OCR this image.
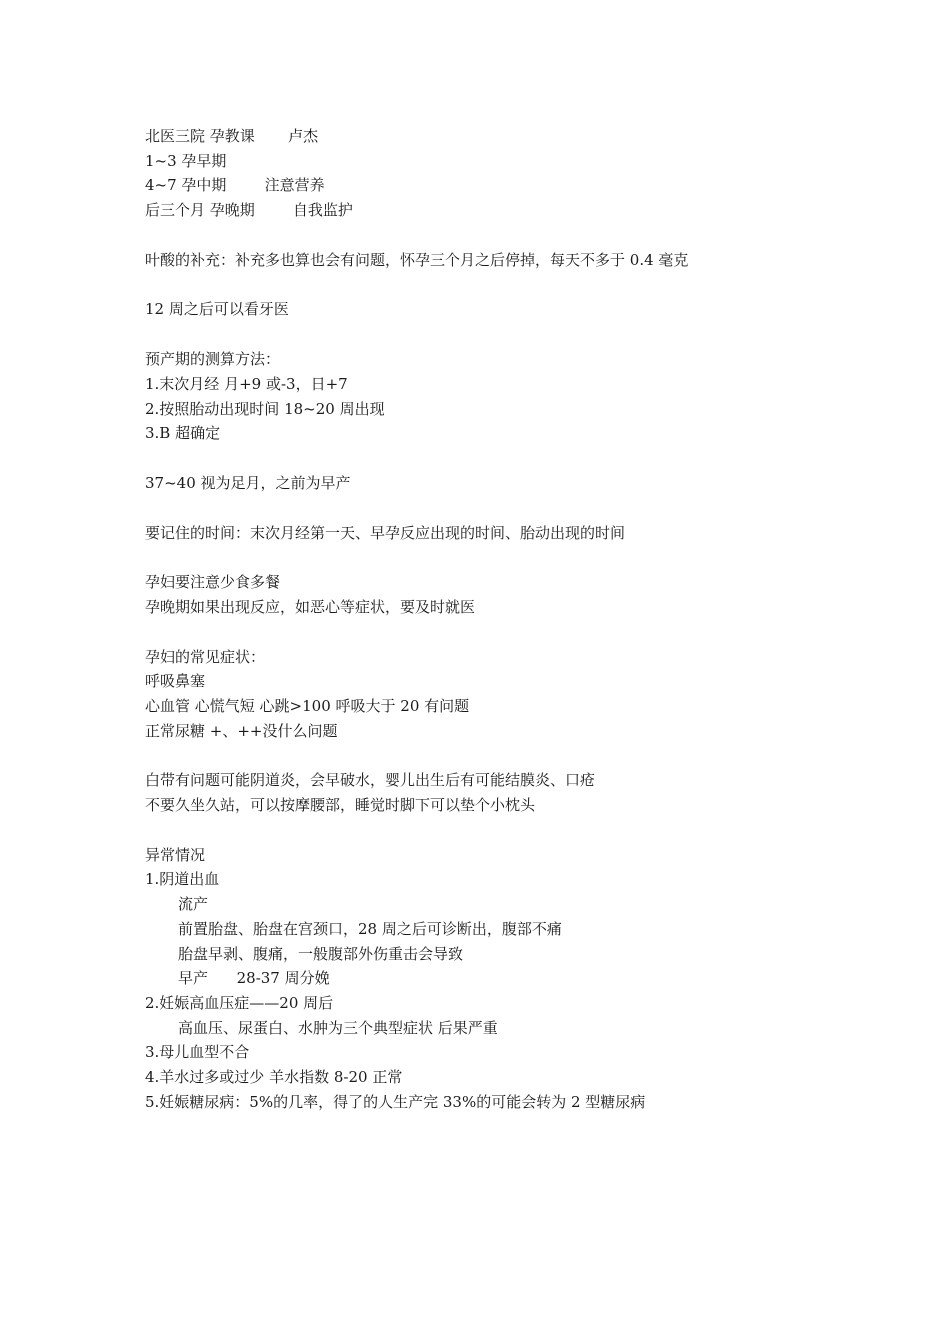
北医三院 孕教课       卢杰
1~3 孕早期
4~7 孕中期        注意营养
后三个月 孕晚期        自我监护
叶酸的补充：补充多也算也会有问题，怀孕三个月之后停掉，每天不多于 0.4 毫克
12 周之后可以看牙医
预产期的测算方法：
1.末次月经 月+9 或-3，日+7
2.按照胎动出现时间 18~20 周出现
3.B 超确定
37~40 视为足月，之前为早产
要记住的时间：末次月经第一天、早孕反应出现的时间、胎动出现的时间
孕妇要注意少食多餐
孕晚期如果出现反应，如恶心等症状，要及时就医
孕妇的常见症状：
呼吸鼻塞
心血管 心慌气短 心跳>100 呼吸大于 20 有问题
正常尿糖 +、++没什么问题
白带有问题可能阴道炎，会早破水，婴儿出生后有可能结膜炎、口疮
不要久坐久站，可以按摩腰部，睡觉时脚下可以垫个小枕头
异常情况
1.阴道出血
流产
前置胎盘、胎盘在宫颈口，28 周之后可诊断出，腹部不痛
胎盘早剥、腹痛，一般腹部外伤重击会导致
早产      28-37 周分娩
2.妊娠高血压症——20 周后
高血压、尿蛋白、水肿为三个典型症状 后果严重
3.母儿血型不合
4.羊水过多或过少 羊水指数 8-20 正常
5.妊娠糖尿病：5%的几率，得了的人生产完 33%的可能会转为 2 型糖尿病
